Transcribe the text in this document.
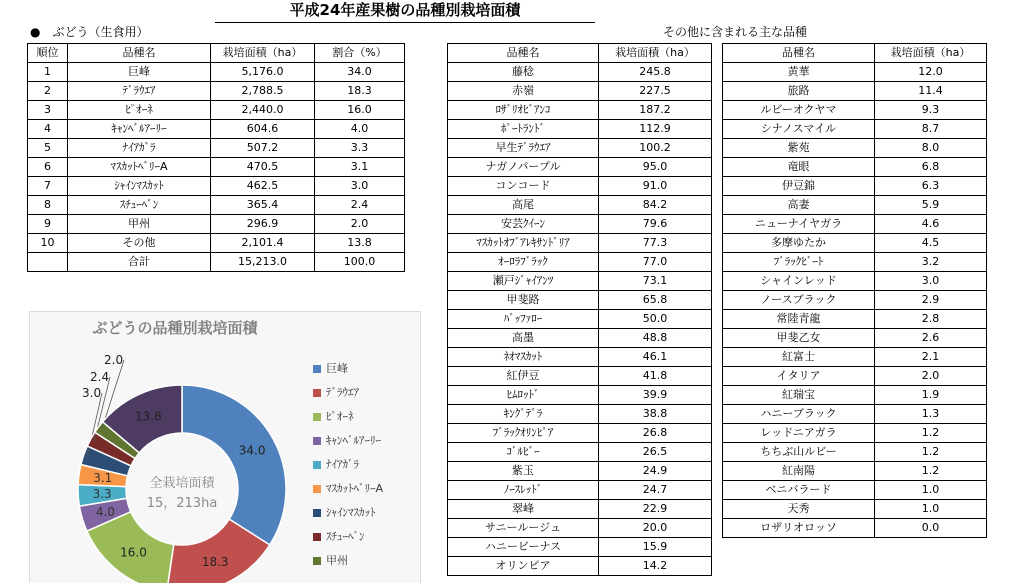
平成24年産果樹の品種別栽培面積
●　ぶどう（生食用）	その他に含まれる主な品種
順位	品種名	栽培面積（ha）	割合（%）
1	巨峰	5,176.0	34.0
2	ﾃﾞﾗｳｴｱ	2,788.5	18.3
3	ﾋﾟｵｰﾈ	2,440.0	16.0
4	ｷｬﾝﾍﾞﾙｱｰﾘｰ	604.6	4.0
5	ﾅｲｱｶﾞﾗ	507.2	3.3
6	ﾏｽｶｯﾄﾍﾞﾘｰA	470.5	3.1
7	ｼｬｲﾝﾏｽｶｯﾄ	462.5	3.0
8	ｽﾁｭｰﾍﾞﾝ	365.4	2.4
9	甲州	296.9	2.0
10	その他	2,101.4	13.8
	合計	15,213.0	100.0
品種名	栽培面積（ha）
藤稔	245.8
赤嶺	227.5
ﾛｻﾞﾘｵﾋﾞｱﾝｺ	187.2
ﾎﾟｰﾄﾗﾝﾄﾞ	112.9
早生ﾃﾞﾗｳｴｱ	100.2
ナガノパープル	95.0
コンコード	91.0
高尾	84.2
安芸ｸｲｰﾝ	79.6
ﾏｽｶｯﾄｵﾌﾞｱﾚｷｻﾝﾄﾞﾘｱ	77.3
ｵｰﾛﾗﾌﾞﾗｯｸ	77.0
瀬戸ｼﾞｬｲｱﾝﾂ	73.1
甲斐路	65.8
ﾊﾞｯﾌｧﾛｰ	50.0
高墨	48.8
ﾈｵﾏｽｶｯﾄ	46.1
紅伊豆	41.8
ﾋﾑﾛｯﾄﾞ	39.9
ｷﾝｸﾞﾃﾞﾗ	38.8
ﾌﾞﾗｯｸｵﾘﾝﾋﾟｱ	26.8
ｺﾞﾙﾋﾞｰ	26.5
紫玉	24.9
ﾉｰｽﾚｯﾄﾞ	24.7
翠峰	22.9
サニールージュ	20.0
ハニービーナス	15.9
オリンピア	14.2
品種名	栽培面積（ha）
黄華	12.0
旅路	11.4
ルビーオクヤマ	9.3
シナノスマイル	8.7
紫苑	8.0
竜眼	6.8
伊豆錦	6.3
高妻	5.9
ニューナイヤガラ	4.6
多摩ゆたか	4.5
ﾌﾞﾗｯｸﾋﾞｰﾄ	3.2
シャインレッド	3.0
ノースブラック	2.9
常陸青龍	2.8
甲斐乙女	2.6
紅富士	2.1
イタリア	2.0
紅瑞宝	1.9
ハニーブラック	1.3
レッドニアガラ	1.2
ちちぶ山ルビー	1.2
紅南陽	1.2
ベニバラード	1.0
天秀	1.0
ロザリオロッソ	0.0
ぶどうの品種別栽培面積
34.0
18.3
16.0
4.0
3.3
3.1
3.0
2.4
2.0
13.8
全栽培面積
15，213ha
巨峰
ﾃﾞﾗｳｴｱ
ﾋﾟｵｰﾈ
ｷｬﾝﾍﾞﾙｱｰﾘｰ
ﾅｲｱｶﾞﾗ
ﾏｽｶｯﾄﾍﾞﾘｰA
ｼｬｲﾝﾏｽｶｯﾄ
ｽﾁｭｰﾍﾞﾝ
甲州
